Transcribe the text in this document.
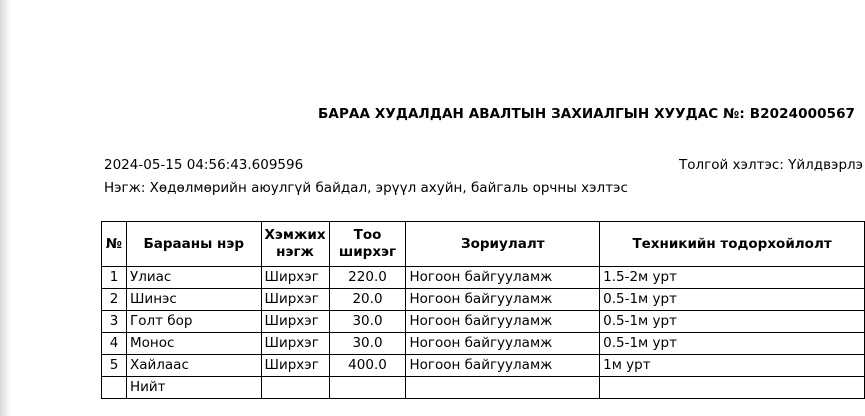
БАРАА ХУДАЛДАН АВАЛТЫН ЗАХИАЛГЫН ХУУДАС №: B2024000567
2024-05-15 04:56:43.609596	Толгой хэлтэс: Үйлдвэрлэ
Нэгж: Хөдөлмөрийн аюулгүй байдал, эрүүл ахуйн, байгаль орчны хэлтэс
№	Барааны нэр	Хэмжих нэгж	Тоо ширхэг	Зориулалт	Техникийн тодорхойлолт
1	Улиас	Ширхэг	220.0	Ногоон байгууламж	1.5-2м урт
2	Шинэс	Ширхэг	20.0	Ногоон байгууламж	0.5-1м урт
3	Голт бор	Ширхэг	30.0	Ногоон байгууламж	0.5-1м урт
4	Монос	Ширхэг	30.0	Ногоон байгууламж	0.5-1м урт
5	Хайлаас	Ширхэг	400.0	Ногоон байгууламж	1м урт
	Нийт				
